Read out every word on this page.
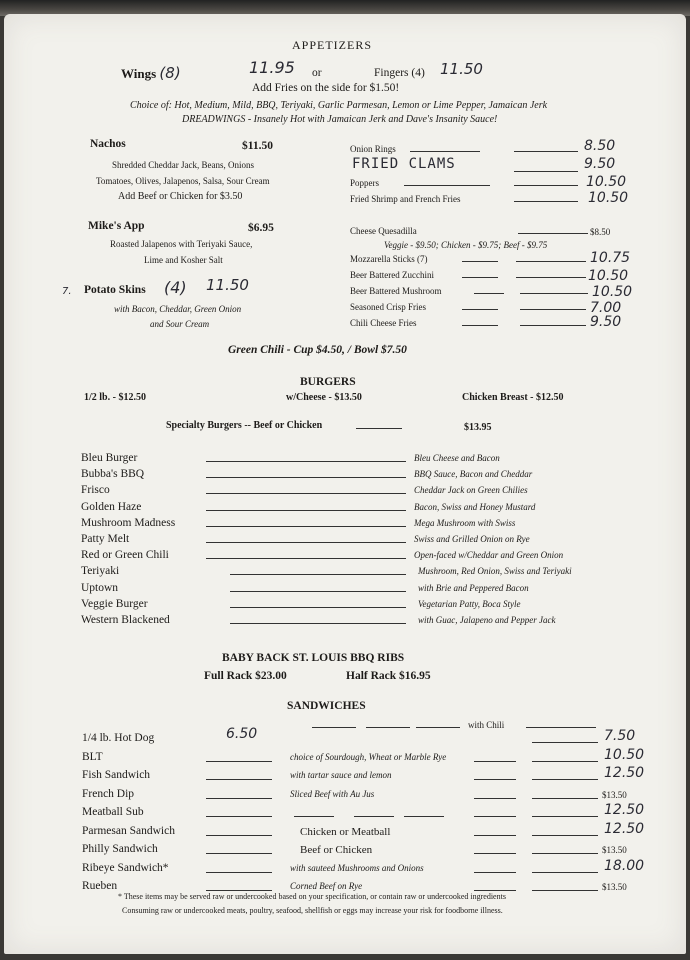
APPETIZERS
Wings (8)	11.95 or	Fingers (4) 11.50
Add Fries on the side for $1.50!
Choice of: Hot, Medium, Mild, BBQ, Teriyaki, Garlic Parmesan, Lemon or Lime Pepper, Jamaican Jerk
DREADWINGS - Insanely Hot with Jamaican Jerk and Dave's Insanity Sauce!
Nachos	$11.50
Shredded Cheddar Jack, Beans, Onions
Tomatoes, Olives, Jalapenos, Salsa, Sour Cream
Add Beef or Chicken for $3.50
Mike's App	$6.95
Roasted Jalapenos with Teriyaki Sauce,
Lime and Kosher Salt
7. Potato Skins (4) 11.50
with Bacon, Cheddar, Green Onion
and Sour Cream
Onion Rings	8.50
FRIED CLAMS	9.50
Poppers	10.50
Fried Shrimp and French Fries	10.50
Cheese Quesadilla	$8.50
Veggie - $9.50; Chicken - $9.75; Beef - $9.75
Mozzarella Sticks (7)	10.75
Beer Battered Zucchini	10.50
Beer Battered Mushroom	10.50
Seasoned Crisp Fries	7.00
Chili Cheese Fries	9.50
Green Chili - Cup $4.50, / Bowl $7.50
BURGERS
1/2 lb. - $12.50	w/Cheese - $13.50	Chicken Breast - $12.50
Specialty Burgers -- Beef or Chicken	$13.95
Bleu Burger	Bleu Cheese and Bacon
Bubba's BBQ	BBQ Sauce, Bacon and Cheddar
Frisco	Cheddar Jack on Green Chilies
Golden Haze	Bacon, Swiss and Honey Mustard
Mushroom Madness	Mega Mushroom with Swiss
Patty Melt	Swiss and Grilled Onion on Rye
Red or Green Chili	Open-faced w/Cheddar and Green Onion
Teriyaki	Mushroom, Red Onion, Swiss and Teriyaki
Uptown	with Brie and Peppered Bacon
Veggie Burger	Vegetarian Patty, Boca Style
Western Blackened	with Guac, Jalapeno and Pepper Jack
BABY BACK ST. LOUIS BBQ RIBS
Full Rack $23.00	Half Rack $16.95
SANDWICHES
with Chili
1/4 lb. Hot Dog	6.50	7.50
BLT	choice of Sourdough, Wheat or Marble Rye	10.50
Fish Sandwich	with tartar sauce and lemon	12.50
French Dip	Sliced Beef with Au Jus	$13.50
Meatball Sub	12.50
Parmesan Sandwich	Chicken or Meatball	12.50
Philly Sandwich	Beef or Chicken	$13.50
Ribeye Sandwich*	with sauteed Mushrooms and Onions	18.00
Rueben	Corned Beef on Rye	$13.50
* These items may be served raw or undercooked based on your specification, or contain raw or undercooked ingredients
Consuming raw or undercooked meats, poultry, seafood, shellfish or eggs may increase your risk for foodborne illness.
